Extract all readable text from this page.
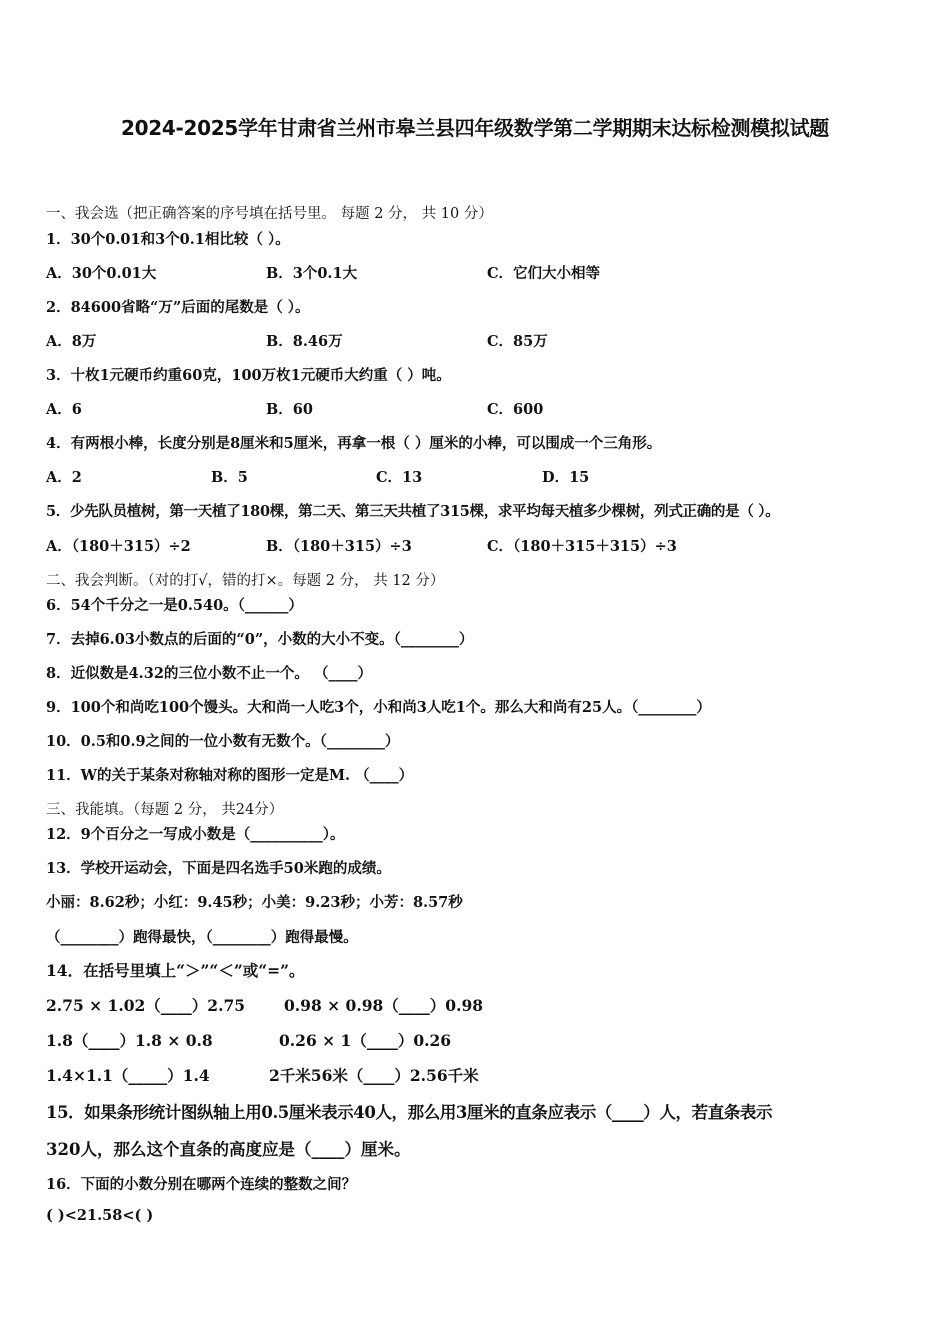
2024-2025学年甘肃省兰州市皋兰县四年级数学第二学期期末达标检测模拟试题
一、我会选（把正确答案的序号填在括号里。 每题 2 分， 共 10 分）
1．30个0.01和3个0.1相比较（ ）。
A．30个0.01大	B．3个0.1大	C．它们大小相等
2．84600省略“万”后面的尾数是（ ）。
A．8万	B．8.46万	C．85万
3．十枚1元硬币约重60克，100万枚1元硬币大约重（ ）吨。
A．6	B．60	C．600
4．有两根小棒，长度分别是8厘米和5厘米，再拿一根（ ）厘米的小棒，可以围成一个三角形。
A．2	B．5	C．13	D．15
5．少先队员植树，第一天植了180棵，第二天、第三天共植了315棵，求平均每天植多少棵树，列式正确的是（ ）。
A．（180＋315）÷2	B．（180＋315）÷3	C．（180＋315＋315）÷3
二、我会判断。（对的打√，错的打×。每题 2 分， 共 12 分）
6．54个千分之一是0.540。（______）
7．去掉6.03小数点的后面的“0”，小数的大小不变。（________）
8．近似数是4.32的三位小数不止一个。 （____）
9．100个和尚吃100个馒头。大和尚一人吃3个，小和尚3人吃1个。那么大和尚有25人。（________）
10．0.5和0.9之间的一位小数有无数个。（________）
11．W的关于某条对称轴对称的图形一定是M. （____）
三、我能填。（每题 2 分， 共24分）
12．9个百分之一写成小数是（__________）。
13．学校开运动会，下面是四名选手50米跑的成绩。
小丽：8.62秒；小红：9.45秒；小美：9.23秒；小芳：8.57秒
（________）跑得最快，（________）跑得最慢。
14．在括号里填上“＞”“＜”或“=”。
2.75 × 1.02（____）2.75	0.98 × 0.98（____）0.98
1.8（____）1.8 × 0.8	0.26 × 1（____）0.26
1.4×1.1（_____）1.4	2千米56米（____）2.56千米
15．如果条形统计图纵轴上用0.5厘米表示40人，那么用3厘米的直条应表示（____）人，若直条表示
320人，那么这个直条的高度应是（____）厘米。
16．下面的小数分别在哪两个连续的整数之间？
( )<21.58<( )
